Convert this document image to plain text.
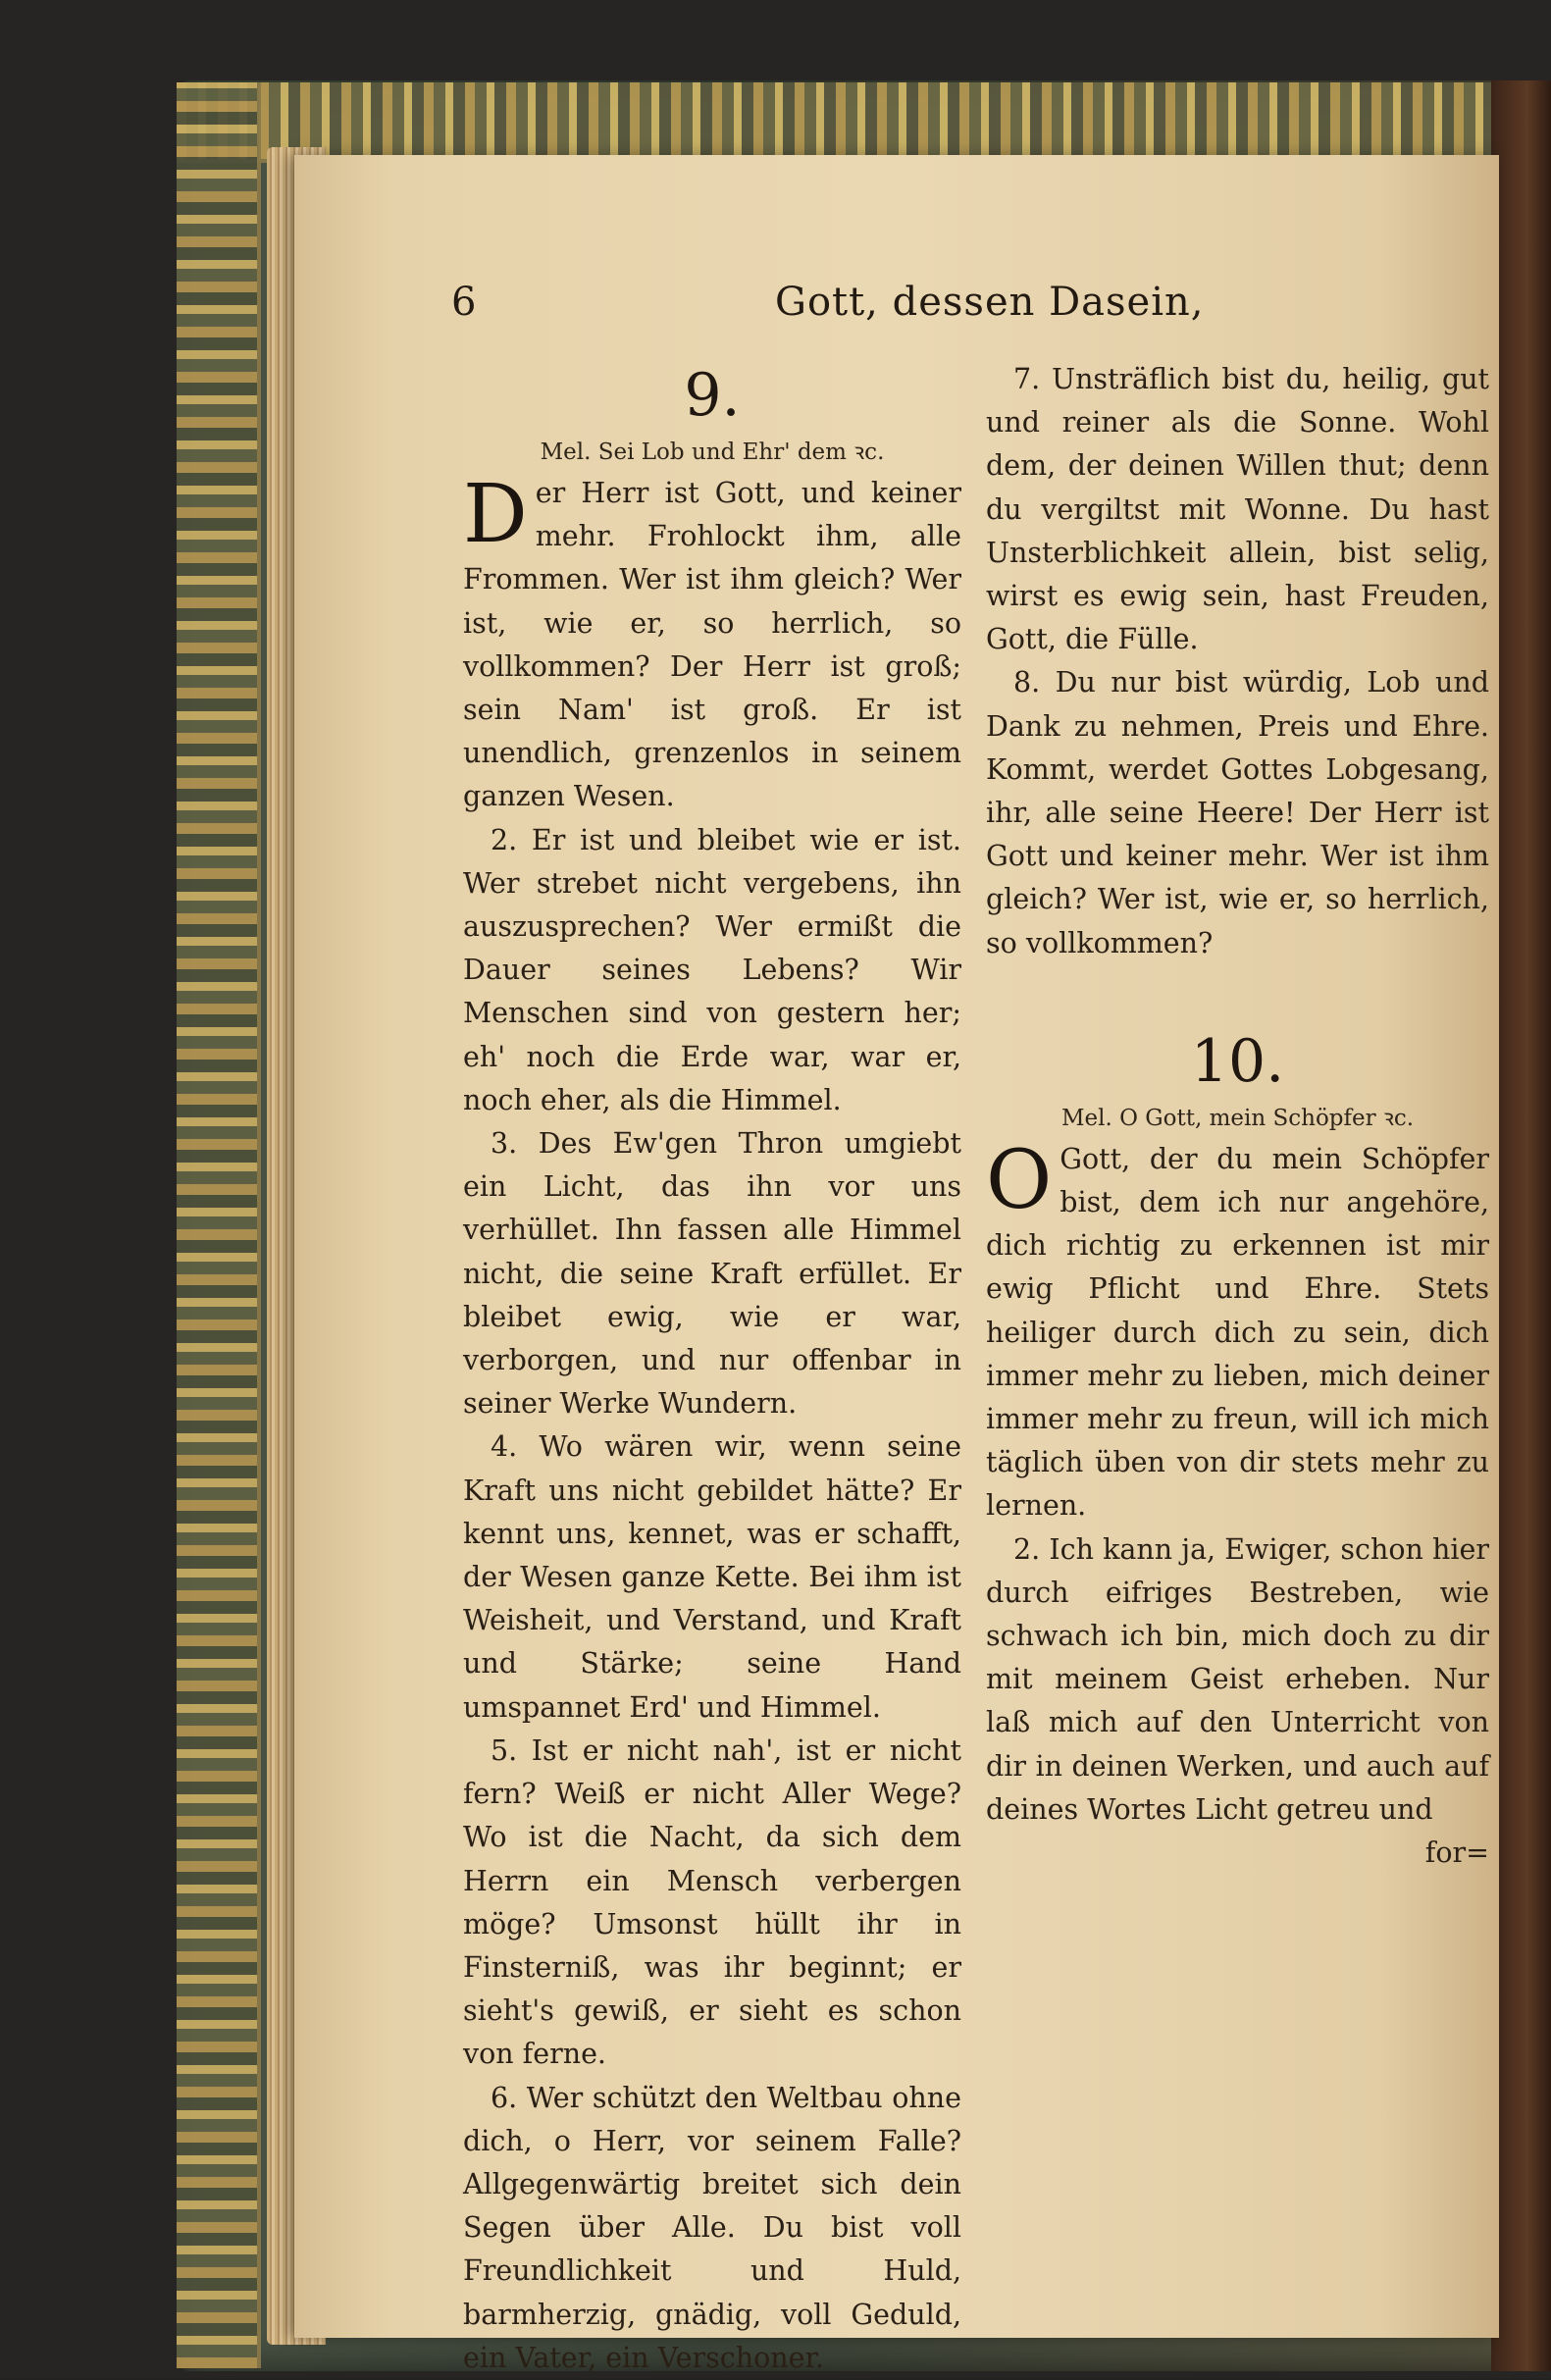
6	Gott, dessen Dasein,
9.
Mel. Sei Lob und Ehr' dem ꝛc.

Der Herr ist Gott, und keiner mehr. Frohlockt ihm, alle Frommen. Wer ist ihm gleich? Wer ist, wie er, so herrlich, so vollkommen? Der Herr ist groß; sein Nam' ist groß. Er ist unendlich, grenzenlos in seinem ganzen Wesen.

2. Er ist und bleibet wie er ist. Wer strebet nicht vergebens, ihn auszusprechen? Wer ermißt die Dauer seines Lebens? Wir Menschen sind von gestern her; eh' noch die Erde war, war er, noch eher, als die Himmel.

3. Des Ew'gen Thron umgiebt ein Licht, das ihn vor uns verhüllet. Ihn fassen alle Himmel nicht, die seine Kraft erfüllet. Er bleibet ewig, wie er war, verborgen, und nur offenbar in seiner Werke Wundern.

4. Wo wären wir, wenn seine Kraft uns nicht gebildet hätte? Er kennt uns, kennet, was er schafft, der Wesen ganze Kette. Bei ihm ist Weisheit, und Verstand, und Kraft und Stärke; seine Hand umspannet Erd' und Himmel.

5. Ist er nicht nah', ist er nicht fern? Weiß er nicht Aller Wege? Wo ist die Nacht, da sich dem Herrn ein Mensch verbergen möge? Umsonst hüllt ihr in Finsterniß, was ihr beginnt; er sieht's gewiß, er sieht es schon von ferne.

6. Wer schützt den Weltbau ohne dich, o Herr, vor seinem Falle? Allgegenwärtig breitet sich dein Segen über Alle. Du bist voll Freundlichkeit und Huld, barmherzig, gnädig, voll Geduld, ein Vater, ein Verschoner.

7. Unsträflich bist du, heilig, gut und reiner als die Sonne. Wohl dem, der deinen Willen thut; denn du vergiltst mit Wonne. Du hast Unsterblichkeit allein, bist selig, wirst es ewig sein, hast Freuden, Gott, die Fülle.

8. Du nur bist würdig, Lob und Dank zu nehmen, Preis und Ehre. Kommt, werdet Gottes Lobgesang, ihr, alle seine Heere! Der Herr ist Gott und keiner mehr. Wer ist ihm gleich? Wer ist, wie er, so herrlich, so vollkommen?

10.
Mel. O Gott, mein Schöpfer ꝛc.

O Gott, der du mein Schöpfer bist, dem ich nur angehöre, dich richtig zu erkennen ist mir ewig Pflicht und Ehre. Stets heiliger durch dich zu sein, dich immer mehr zu lieben, mich deiner immer mehr zu freun, will ich mich täglich üben von dir stets mehr zu lernen.

2. Ich kann ja, Ewiger, schon hier durch eifriges Bestreben, wie schwach ich bin, mich doch zu dir mit meinem Geist erheben. Nur laß mich auf den Unterricht von dir in deinen Werken, und auch auf deines Wortes Licht getreu und

for=
